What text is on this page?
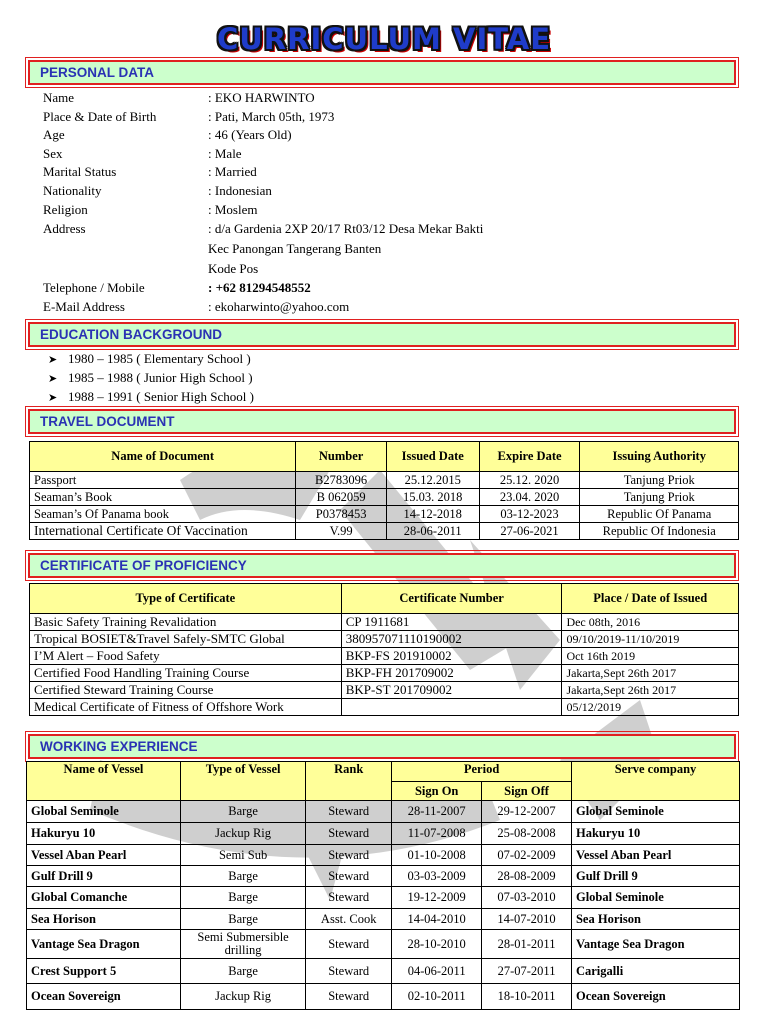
CURRICULUM VITAE
PERSONAL DATA
Name	: EKO HARWINTO
Place & Date of Birth	: Pati, March 05th, 1973
Age	: 46 (Years Old)
Sex	: Male
Marital Status	: Married
Nationality	: Indonesian
Religion	: Moslem
Address	: d/a Gardenia 2XP 20/17 Rt03/12 Desa Mekar Bakti
Kec Panongan Tangerang Banten
Kode Pos
Telephone / Mobile	: +62 81294548552
E-Mail Address	: ekoharwinto@yahoo.com
EDUCATION BACKGROUND
➤ 1980 – 1985 ( Elementary School )
➤ 1985 – 1988 ( Junior High School )
➤ 1988 – 1991 ( Senior High School )
TRAVEL DOCUMENT
Name of Document	Number	Issued Date	Expire Date	Issuing Authority
Passport	B2783096	25.12.2015	25.12. 2020	Tanjung Priok
Seaman’s Book	B 062059	15.03. 2018	23.04. 2020	Tanjung Priok
Seaman’s Of Panama book	P0378453	14-12-2018	03-12-2023	Republic Of Panama
International Certificate Of Vaccination	V.99	28-06-2011	27-06-2021	Republic Of Indonesia
CERTIFICATE OF PROFICIENCY
Type of Certificate	Certificate Number	Place / Date of Issued
Basic Safety Training Revalidation	CP 1911681	Dec 08th, 2016
Tropical BOSIET&Travel Safely-SMTC Global	380957071110190002	09/10/2019-11/10/2019
I’M Alert – Food Safety	BKP-FS 201910002	Oct 16th 2019
Certified Food Handling Training Course	BKP-FH 201709002	Jakarta,Sept 26th 2017
Certified Steward Training Course	BKP-ST 201709002	Jakarta,Sept 26th 2017
Medical Certificate of Fitness of Offshore Work		05/12/2019
WORKING EXPERIENCE
Name of Vessel	Type of Vessel	Rank	Period		Serve company
			Sign On	Sign Off	
Global Seminole	Barge	Steward	28-11-2007	29-12-2007	Global Seminole
Hakuryu 10	Jackup Rig	Steward	11-07-2008	25-08-2008	Hakuryu 10
Vessel Aban Pearl	Semi Sub	Steward	01-10-2008	07-02-2009	Vessel Aban Pearl
Gulf Drill 9	Barge	Steward	03-03-2009	28-08-2009	Gulf Drill 9
Global Comanche	Barge	Steward	19-12-2009	07-03-2010	Global Seminole
Sea Horison	Barge	Asst. Cook	14-04-2010	14-07-2010	Sea Horison
Vantage Sea Dragon	Semi Submersible drilling	Steward	28-10-2010	28-01-2011	Vantage Sea Dragon
Crest Support 5	Barge	Steward	04-06-2011	27-07-2011	Carigalli
Ocean Sovereign	Jackup Rig	Steward	02-10-2011	18-10-2011	Ocean Sovereign
